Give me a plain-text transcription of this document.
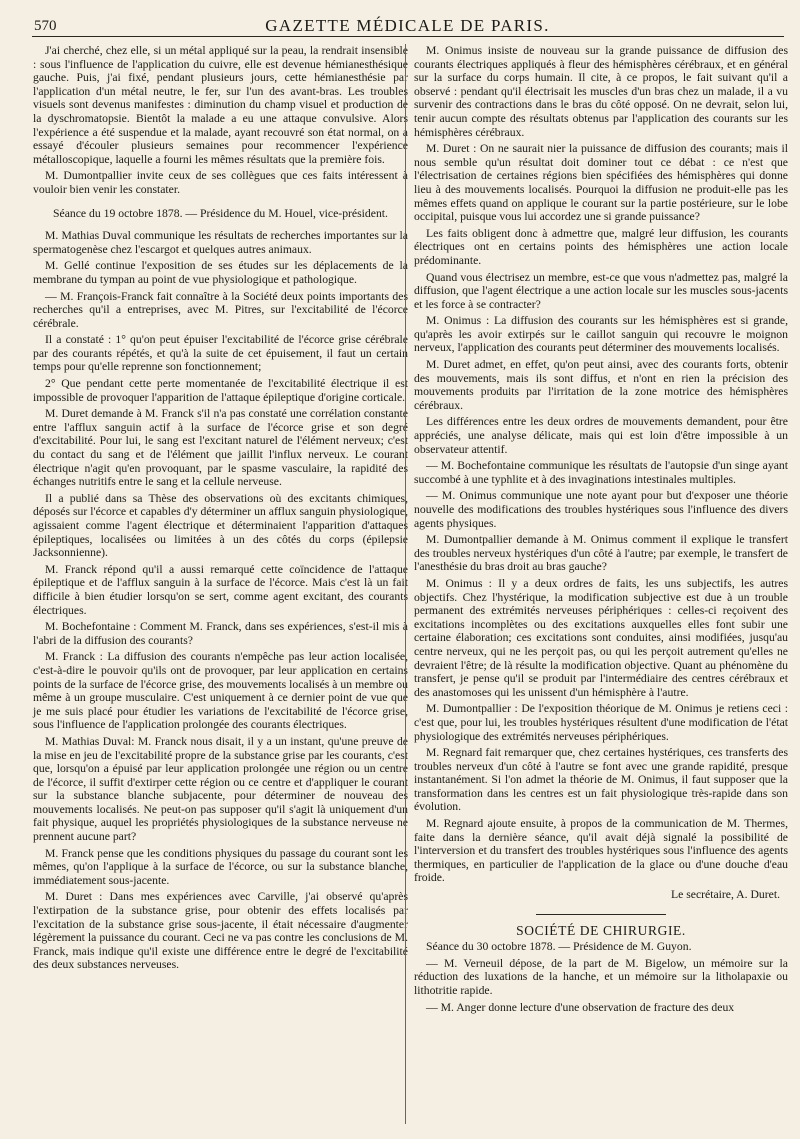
570	GAZETTE MÉDICALE DE PARIS.

J'ai cherché, chez elle, si un métal appliqué sur la peau, la rendrait insensible : sous l'influence de l'application du cuivre, elle est devenue hémianesthésique gauche. Puis, j'ai fixé, pendant plusieurs jours, cette hémianesthésie par l'application d'un métal neutre, le fer, sur l'un des avant-bras. Les troubles visuels sont devenus manifestes : diminution du champ visuel et production de la dyschromatopsie. Bientôt la malade a eu une attaque convulsive. Alors l'expérience a été suspendue et la malade, ayant recouvré son état normal, on a essayé d'écouler plusieurs semaines pour recommencer l'expérience métalloscopique, laquelle a fourni les mêmes résultats que la première fois.

M. Dumontpallier invite ceux de ses collègues que ces faits intéressent à vouloir bien venir les constater.

Séance du 19 octobre 1878. — Présidence du M. Houel, vice-président.

M. Mathias Duval communique les résultats de recherches importantes sur la spermatogenèse chez l'escargot et quelques autres animaux.

M. Gellé continue l'exposition de ses études sur les déplacements de la membrane du tympan au point de vue physiologique et pathologique.

— M. François-Franck fait connaître à la Société deux points importants des recherches qu'il a entreprises, avec M. Pitres, sur l'excitabilité de l'écorce cérébrale.

Il a constaté : 1° qu'on peut épuiser l'excitabilité de l'écorce grise cérébrale par des courants répétés, et qu'à la suite de cet épuisement, il faut un certain temps pour qu'elle reprenne son fonctionnement;

2° Que pendant cette perte momentanée de l'excitabilité électrique il est impossible de provoquer l'apparition de l'attaque épileptique d'origine corticale.

M. Duret demande à M. Franck s'il n'a pas constaté une corrélation constante entre l'afflux sanguin actif à la surface de l'écorce grise et son degré d'excitabilité. Pour lui, le sang est l'excitant naturel de l'élément nerveux; c'est du contact du sang et de l'élément que jaillit l'influx nerveux. Le courant électrique n'agit qu'en provoquant, par le spasme vasculaire, la rapidité des échanges nutritifs entre le sang et la cellule nerveuse.

Il a publié dans sa Thèse des observations où des excitants chimiques, déposés sur l'écorce et capables d'y déterminer un afflux sanguin physiologique, agissaient comme l'agent électrique et déterminaient l'apparition d'attaques épileptiques, localisées ou limitées à un des côtés du corps (épilepsie Jacksonnienne).

M. Franck répond qu'il a aussi remarqué cette coïncidence de l'attaque épileptique et de l'afflux sanguin à la surface de l'écorce. Mais c'est là un fait difficile à bien étudier lorsqu'on se sert, comme agent excitant, des courants électriques.

M. Bochefontaine : Comment M. Franck, dans ses expériences, s'est-il mis à l'abri de la diffusion des courants?

M. Franck : La diffusion des courants n'empêche pas leur action localisée, c'est-à-dire le pouvoir qu'ils ont de provoquer, par leur application en certains points de la surface de l'écorce grise, des mouvements localisés à un membre ou même à un groupe musculaire. C'est uniquement à ce dernier point de vue que je me suis placé pour étudier les variations de l'excitabilité de l'écorce grise, sous l'influence de l'application prolongée des courants électriques.

M. Mathias Duval: M. Franck nous disait, il y a un instant, qu'une preuve de la mise en jeu de l'excitabilité propre de la substance grise par les courants, c'est que, lorsqu'on a épuisé par leur application prolongée une région ou un centre de l'écorce, il suffit d'extirper cette région ou ce centre et d'appliquer le courant sur la substance blanche subjacente, pour déterminer de nouveau des mouvements localisés. Ne peut-on pas supposer qu'il s'agit là uniquement d'un fait physique, auquel les propriétés physiologiques de la substance nerveuse ne prennent aucune part?

M. Franck pense que les conditions physiques du passage du courant sont les mêmes, qu'on l'applique à la surface de l'écorce, ou sur la substance blanche, immédiatement sous-jacente.

M. Duret : Dans mes expériences avec Carville, j'ai observé qu'après l'extirpation de la substance grise, pour obtenir des effets localisés par l'excitation de la substance grise sous-jacente, il était nécessaire d'augmenter légèrement la puissance du courant. Ceci ne va pas contre les conclusions de M. Franck, mais indique qu'il existe une différence entre le degré de l'excitabilité des deux substances nerveuses.

M. Onimus insiste de nouveau sur la grande puissance de diffusion des courants électriques appliqués à fleur des hémisphères cérébraux, et en général sur la surface du corps humain. Il cite, à ce propos, le fait suivant qu'il a observé : pendant qu'il électrisait les muscles d'un bras chez un malade, il a vu survenir des contractions dans le bras du côté opposé. On ne devrait, selon lui, tenir aucun compte des résultats obtenus par l'application des courants sur les hémisphères cérébraux.

M. Duret : On ne saurait nier la puissance de diffusion des courants; mais il nous semble qu'un résultat doit dominer tout ce débat : ce n'est que l'électrisation de certaines régions bien spécifiées des hémisphères qui donne lieu à des mouvements localisés. Pourquoi la diffusion ne produit-elle pas les mêmes effets quand on applique le courant sur la partie postérieure, sur le lobe occipital, puisque vous lui accordez une si grande puissance?

Les faits obligent donc à admettre que, malgré leur diffusion, les courants électriques ont en certains points des hémisphères une action locale prédominante.

Quand vous électrisez un membre, est-ce que vous n'admettez pas, malgré la diffusion, que l'agent électrique a une action locale sur les muscles sous-jacents et les force à se contracter?

M. Onimus : La diffusion des courants sur les hémisphères est si grande, qu'après les avoir extirpés sur le caillot sanguin qui recouvre le moignon nerveux, l'application des courants peut déterminer des mouvements localisés.

M. Duret admet, en effet, qu'on peut ainsi, avec des courants forts, obtenir des mouvements, mais ils sont diffus, et n'ont en rien la précision des mouvements produits par l'irritation de la zone motrice des hémisphères cérébraux.

Les différences entre les deux ordres de mouvements demandent, pour être appréciés, une analyse délicate, mais qui est loin d'être impossible à un observateur attentif.

— M. Bochefontaine communique les résultats de l'autopsie d'un singe ayant succombé à une typhlite et à des invaginations intestinales multiples.

— M. Onimus communique une note ayant pour but d'exposer une théorie nouvelle des modifications des troubles hystériques sous l'influence des divers agents physiques.

M. Dumontpallier demande à M. Onimus comment il explique le transfert des troubles nerveux hystériques d'un côté à l'autre; par exemple, le transfert de l'anesthésie du bras droit au bras gauche?

M. Onimus : Il y a deux ordres de faits, les uns subjectifs, les autres objectifs. Chez l'hystérique, la modification subjective est due à un trouble permanent des extrémités nerveuses périphériques : celles-ci reçoivent des excitations incomplètes ou des excitations auxquelles elles font subir une certaine élaboration; ces excitations sont conduites, ainsi modifiées, jusqu'au centre nerveux, qui ne les perçoit pas, ou qui les perçoit autrement qu'elles ne devraient l'être; de là résulte la modification objective. Quant au phénomène du transfert, je pense qu'il se produit par l'intermédiaire des centres cérébraux et des anastomoses qui les unissent d'un hémisphère à l'autre.

M. Dumontpallier : De l'exposition théorique de M. Onimus je retiens ceci : c'est que, pour lui, les troubles hystériques résultent d'une modification de l'état physiologique des extrémités nerveuses périphériques.

M. Regnard fait remarquer que, chez certaines hystériques, ces transferts des troubles nerveux d'un côté à l'autre se font avec une grande rapidité, presque instantanément. Si l'on admet la théorie de M. Onimus, il faut supposer que la transformation dans les centres est un fait physiologique très-rapide dans son évolution.

M. Regnard ajoute ensuite, à propos de la communication de M. Thermes, faite dans la dernière séance, qu'il avait déjà signalé la possibilité de l'interversion et du transfert des troubles hystériques sous l'influence des agents thermiques, en particulier de l'application de la glace ou d'une douche d'eau froide.

Le secrétaire, A. Duret.

SOCIÉTÉ DE CHIRURGIE.

Séance du 30 octobre 1878. — Présidence de M. Guyon.

— M. Verneuil dépose, de la part de M. Bigelow, un mémoire sur la réduction des luxations de la hanche, et un mémoire sur la litholapaxie ou lithotritie rapide.

— M. Anger donne lecture d'une observation de fracture des deux
